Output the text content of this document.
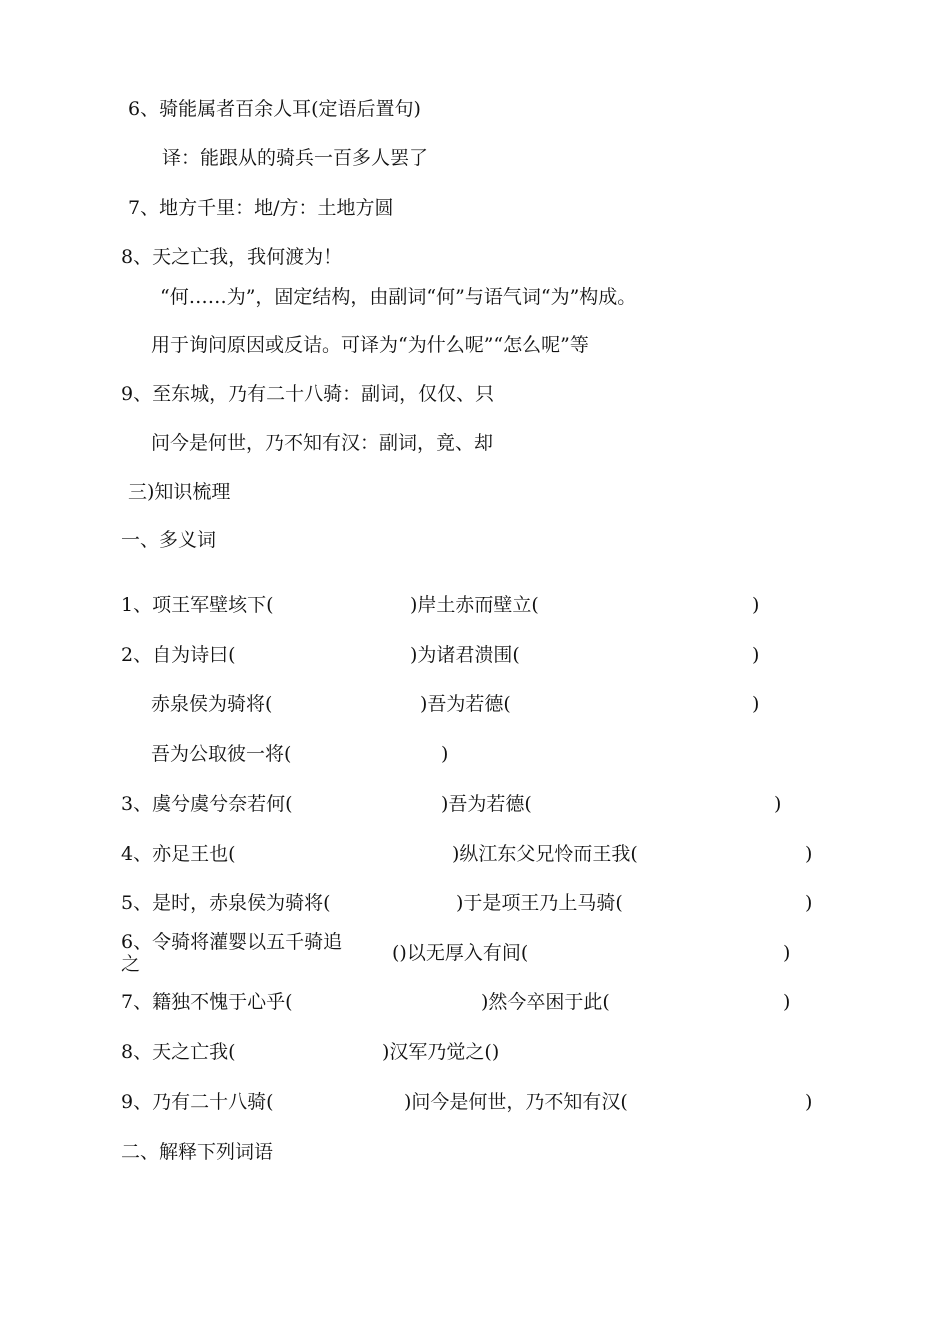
6、骑能属者百余人耳(定语后置句)
译：能跟从的骑兵一百多人罢了
7、地方千里：地/方：土地方圆
8、天之亡我，我何渡为！
“何……为”，固定结构，由副词“何”与语气词“为”构成。
用于询问原因或反诘。可译为“为什么呢”“怎么呢”等
9、至东城，乃有二十八骑：副词，仅仅、只
问今是何世，乃不知有汉：副词，竟、却
三)知识梳理
一、多义词
1、项王军壁垓下(	)岸土赤而壁立(	)
2、自为诗曰(	)为诸君溃围(	)
赤泉侯为骑将(	)吾为若德(	)
吾为公取彼一将(	)
3、虞兮虞兮奈若何(	)吾为若德(	)
4、亦足王也(	)纵江东父兄怜而王我(	)
5、是时，赤泉侯为骑将(	)于是项王乃上马骑(	)
6、令骑将灌婴以五千骑追之	()以无厚入有间(	)
7、籍独不愧于心乎(	)然今卒困于此(	)
8、天之亡我(	)汉军乃觉之()
9、乃有二十八骑(	)问今是何世，乃不知有汉(	)
二、解释下列词语
